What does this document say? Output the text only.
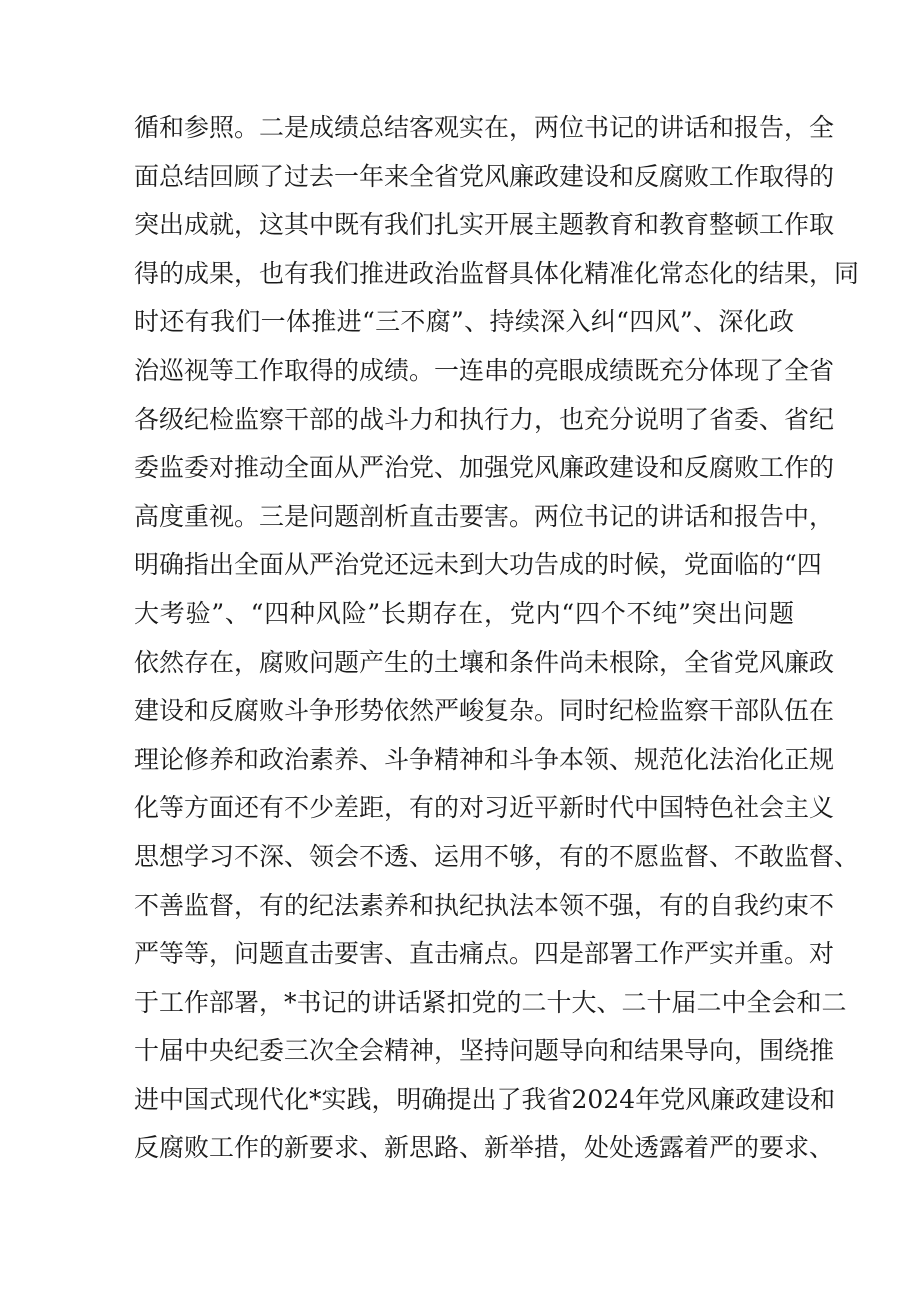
循和参照。二是成绩总结客观实在，两位书记的讲话和报告，全
面总结回顾了过去一年来全省党风廉政建设和反腐败工作取得的
突出成就，这其中既有我们扎实开展主题教育和教育整顿工作取
得的成果，也有我们推进政治监督具体化精准化常态化的结果，同
时还有我们一体推进“三不腐”、持续深入纠“四风”、深化政
治巡视等工作取得的成绩。一连串的亮眼成绩既充分体现了全省
各级纪检监察干部的战斗力和执行力，也充分说明了省委、省纪
委监委对推动全面从严治党、加强党风廉政建设和反腐败工作的
高度重视。三是问题剖析直击要害。两位书记的讲话和报告中，
明确指出全面从严治党还远未到大功告成的时候，党面临的“四
大考验”、“四种风险”长期存在，党内“四个不纯”突出问题
依然存在，腐败问题产生的土壤和条件尚未根除，全省党风廉政
建设和反腐败斗争形势依然严峻复杂。同时纪检监察干部队伍在
理论修养和政治素养、斗争精神和斗争本领、规范化法治化正规
化等方面还有不少差距，有的对习近平新时代中国特色社会主义
思想学习不深、领会不透、运用不够，有的不愿监督、不敢监督、
不善监督，有的纪法素养和执纪执法本领不强，有的自我约束不
严等等，问题直击要害、直击痛点。四是部署工作严实并重。对
于工作部署，*书记的讲话紧扣党的二十大、二十届二中全会和二
十届中央纪委三次全会精神，坚持问题导向和结果导向，围绕推
进中国式现代化*实践，明确提出了我省2024年党风廉政建设和
反腐败工作的新要求、新思路、新举措，处处透露着严的要求、
